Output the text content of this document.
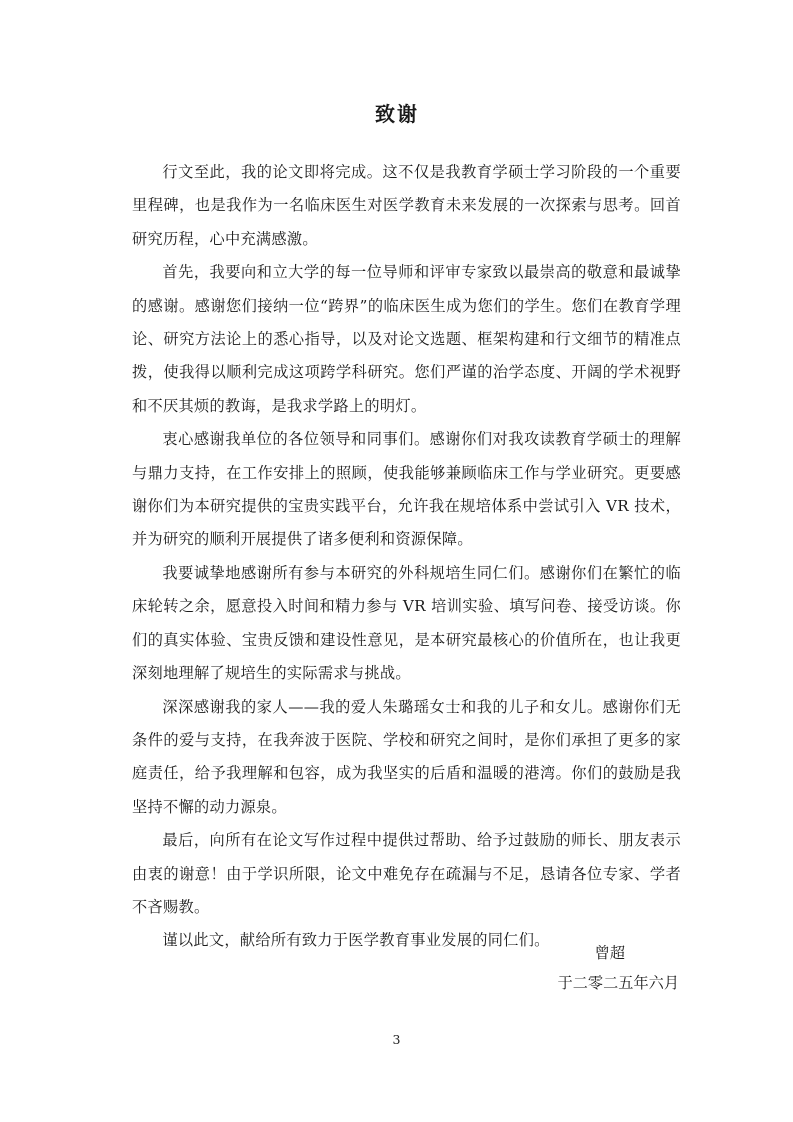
致谢

行文至此，我的论文即将完成。这不仅是我教育学硕士学习阶段的一个重要里程碑，也是我作为一名临床医生对医学教育未来发展的一次探索与思考。回首研究历程，心中充满感激。

首先，我要向和立大学的每一位导师和评审专家致以最崇高的敬意和最诚挚的感谢。感谢您们接纳一位“跨界”的临床医生成为您们的学生。您们在教育学理论、研究方法论上的悉心指导，以及对论文选题、框架构建和行文细节的精准点拨，使我得以顺利完成这项跨学科研究。您们严谨的治学态度、开阔的学术视野和不厌其烦的教诲，是我求学路上的明灯。

衷心感谢我单位的各位领导和同事们。感谢你们对我攻读教育学硕士的理解与鼎力支持，在工作安排上的照顾，使我能够兼顾临床工作与学业研究。更要感谢你们为本研究提供的宝贵实践平台，允许我在规培体系中尝试引入 VR 技术，并为研究的顺利开展提供了诸多便利和资源保障。

我要诚挚地感谢所有参与本研究的外科规培生同仁们。感谢你们在繁忙的临床轮转之余，愿意投入时间和精力参与 VR 培训实验、填写问卷、接受访谈。你们的真实体验、宝贵反馈和建设性意见，是本研究最核心的价值所在，也让我更深刻地理解了规培生的实际需求与挑战。

深深感谢我的家人——我的爱人朱璐瑶女士和我的儿子和女儿。感谢你们无条件的爱与支持，在我奔波于医院、学校和研究之间时，是你们承担了更多的家庭责任，给予我理解和包容，成为我坚实的后盾和温暖的港湾。你们的鼓励是我坚持不懈的动力源泉。

最后，向所有在论文写作过程中提供过帮助、给予过鼓励的师长、朋友表示由衷的谢意！由于学识所限，论文中难免存在疏漏与不足，恳请各位专家、学者不吝赐教。

谨以此文，献给所有致力于医学教育事业发展的同仁们。

曾超

于二零二五年六月

3
